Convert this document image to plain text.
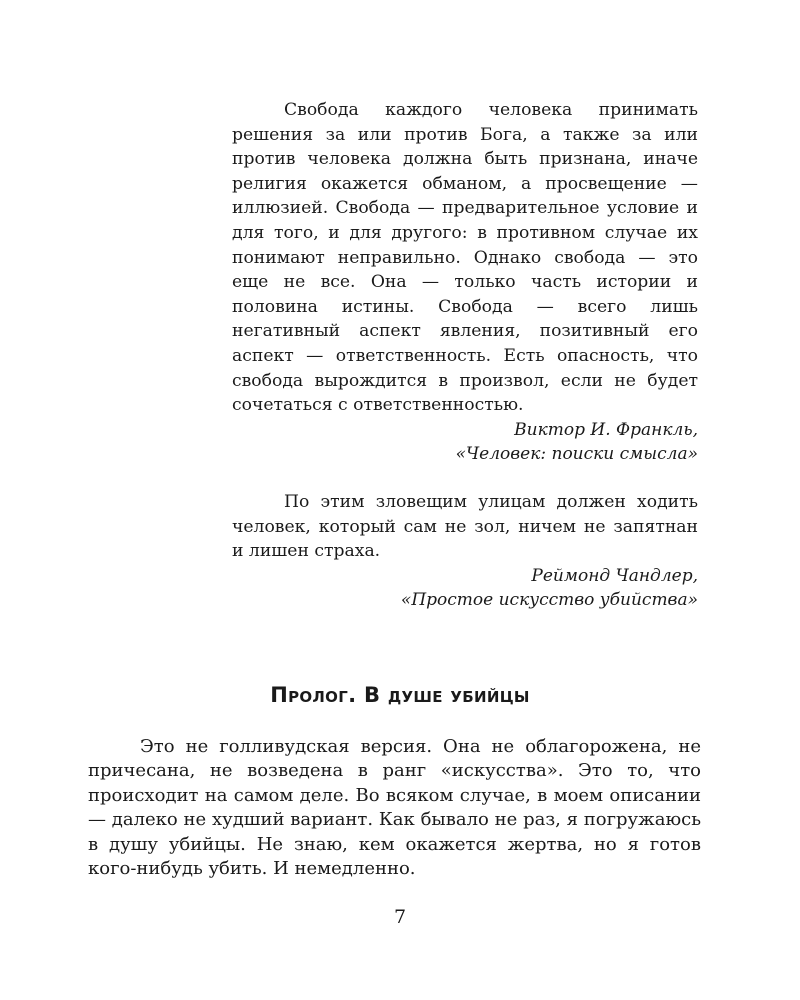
Свобода каждого человека принимать решения за или против Бога, а также за или против человека должна быть признана, иначе религия окажется обманом, а просвещение — иллюзией. Свобода — предварительное условие и для того, и для другого: в противном случае их понимают неправильно. Однако свобода — это еще не все. Она — только часть истории и половина истины. Свобода — всего лишь негативный аспект явления, позитивный его аспект — ответственность. Есть опасность, что свобода вырождится в произвол, если не будет сочетаться с ответственностью.

Виктор И. Франкль,
«Человек: поиски смысла»

По этим зловещим улицам должен ходить человек, который сам не зол, ничем не запятнан и лишен страха.

Реймонд Чандлер,
«Простое искусство убийства»
Пролог. В душе убийцы

Это не голливудская версия. Она не облагорожена, не причесана, не возведена в ранг «искусства». Это то, что происходит на самом деле. Во всяком случае, в моем описании — далеко не худший вариант. Как бывало не раз, я погружаюсь в душу убийцы. Не знаю, кем окажется жертва, но я готов кого-нибудь убить. И немедленно.

7
